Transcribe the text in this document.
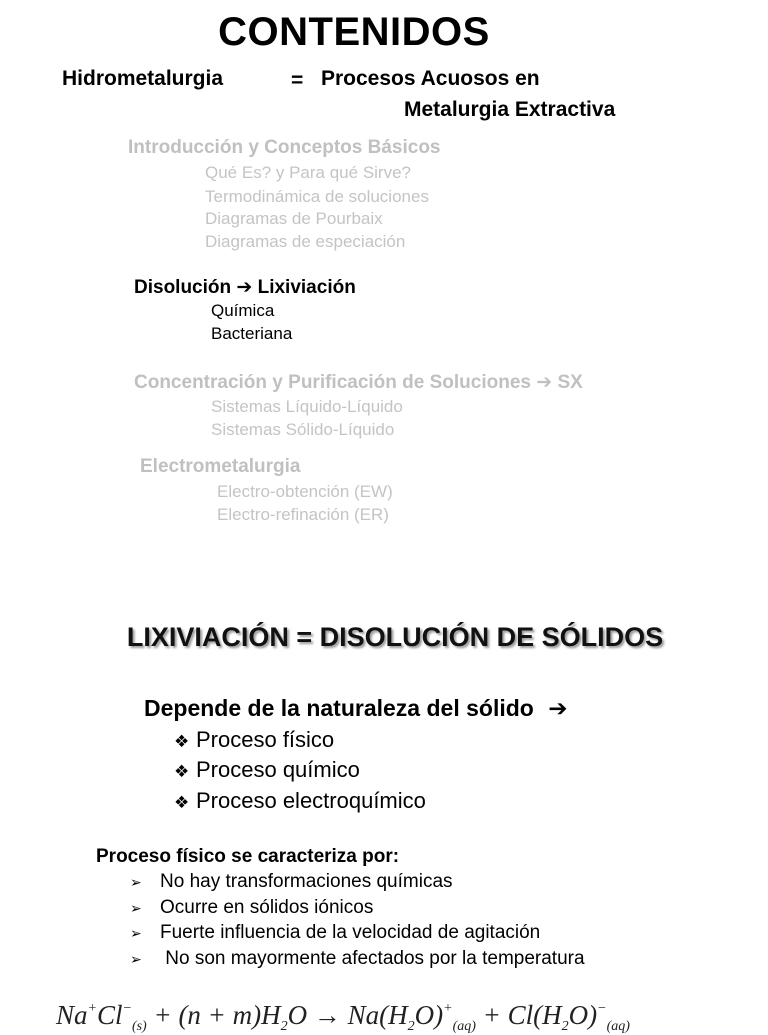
CONTENIDOS
Hidrometalurgia	= Procesos Acuosos en
Metalurgia Extractiva
Introducción y Conceptos Básicos
Qué Es? y Para qué Sirve?
Termodinámica de soluciones
Diagramas de Pourbaix
Diagramas de especiación
Disolución ➔ Lixiviación
Química
Bacteriana
Concentración y Purificación de Soluciones ➔ SX
Sistemas Líquido-Líquido
Sistemas Sólido-Líquido
Electrometalurgia
Electro-obtención (EW)
Electro-refinación (ER)
LIXIVIACIÓN = DISOLUCIÓN DE SÓLIDOS
Depende de la naturaleza del sólido ➔
❖ Proceso físico
❖ Proceso químico
❖ Proceso electroquímico
Proceso físico se caracteriza por:
➢ No hay transformaciones químicas
➢ Ocurre en sólidos iónicos
➢ Fuerte influencia de la velocidad de agitación
➢ No son mayormente afectados por la temperatura
$Na^+Cl^-_{(s)} + (n + m)H_2O \to Na(H_2O)^+_{(aq)} + Cl(H_2O)^-_{(aq)}$
